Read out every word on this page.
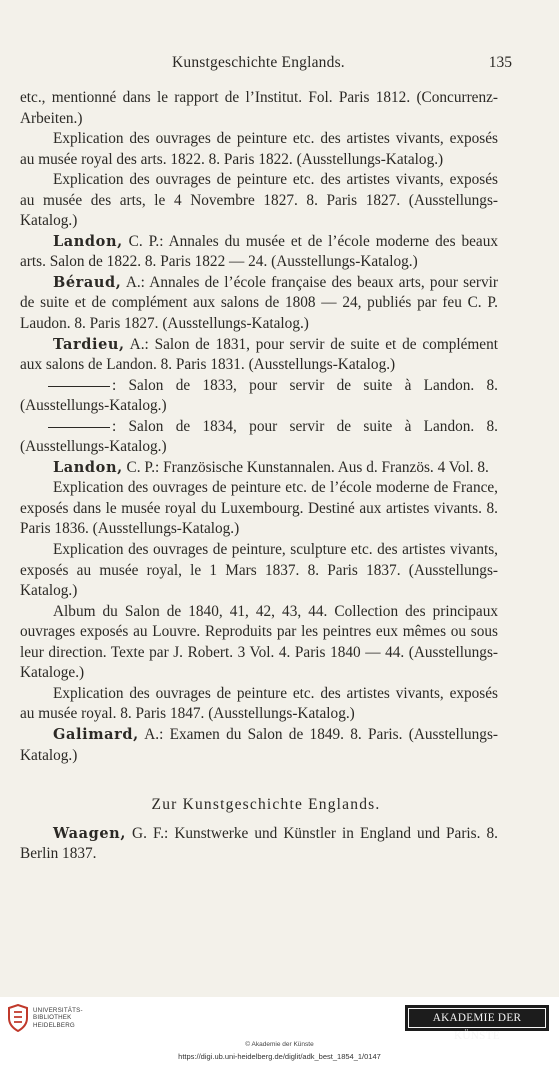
Kunstgeschichte Englands.	135

etc., mentionné dans le rapport de l’Institut. Fol. Paris 1812. (Concurrenz-Arbeiten.)

Explication des ouvrages de peinture etc. des artistes vivants, exposés au musée royal des arts. 1822. 8. Paris 1822. (Ausstellungs-Katalog.)

Explication des ouvrages de peinture etc. des artistes vivants, exposés au musée des arts, le 4 Novembre 1827. 8. Paris 1827. (Ausstellungs-Katalog.)

Landon, C. P.: Annales du musée et de l’école moderne des beaux arts. Salon de 1822. 8. Paris 1822 — 24. (Ausstellungs-Katalog.)

Béraud, A.: Annales de l’école française des beaux arts, pour servir de suite et de complément aux salons de 1808 — 24, publiés par feu C. P. Laudon. 8. Paris 1827. (Ausstellungs-Katalog.)

Tardieu, A.: Salon de 1831, pour servir de suite et de complément aux salons de Landon. 8. Paris 1831. (Ausstellungs-Katalog.)

: Salon de 1833, pour servir de suite à Landon. 8. (Ausstellungs-Katalog.)

: Salon de 1834, pour servir de suite à Landon. 8. (Ausstellungs-Katalog.)

Landon, C. P.: Französische Kunstannalen. Aus d. Französ. 4 Vol. 8.

Explication des ouvrages de peinture etc. de l’école moderne de France, exposés dans le musée royal du Luxembourg. Destiné aux artistes vivants. 8. Paris 1836. (Ausstellungs-Katalog.)

Explication des ouvrages de peinture, sculpture etc. des artistes vivants, exposés au musée royal, le 1 Mars 1837. 8. Paris 1837. (Ausstellungs-Katalog.)

Album du Salon de 1840, 41, 42, 43, 44. Collection des principaux ouvrages exposés au Louvre. Reproduits par les peintres eux mêmes ou sous leur direction. Texte par J. Robert. 3 Vol. 4. Paris 1840 — 44. (Ausstellungs-Kataloge.)

Explication des ouvrages de peinture etc. des artistes vivants, exposés au musée royal. 8. Paris 1847. (Ausstellungs-Katalog.)

Galimard, A.: Examen du Salon de 1849. 8. Paris. (Ausstellungs-Katalog.)

Zur Kunstgeschichte Englands.

Waagen, G. F.: Kunstwerke und Künstler in England und Paris. 8. Berlin 1837.

UNIVERSITÄTS-
BIBLIOTHEK
HEIDELBERG
AKADEMIE DER KÜNSTE
© Akademie der Künste
https://digi.ub.uni-heidelberg.de/diglit/adk_best_1854_1/0147
